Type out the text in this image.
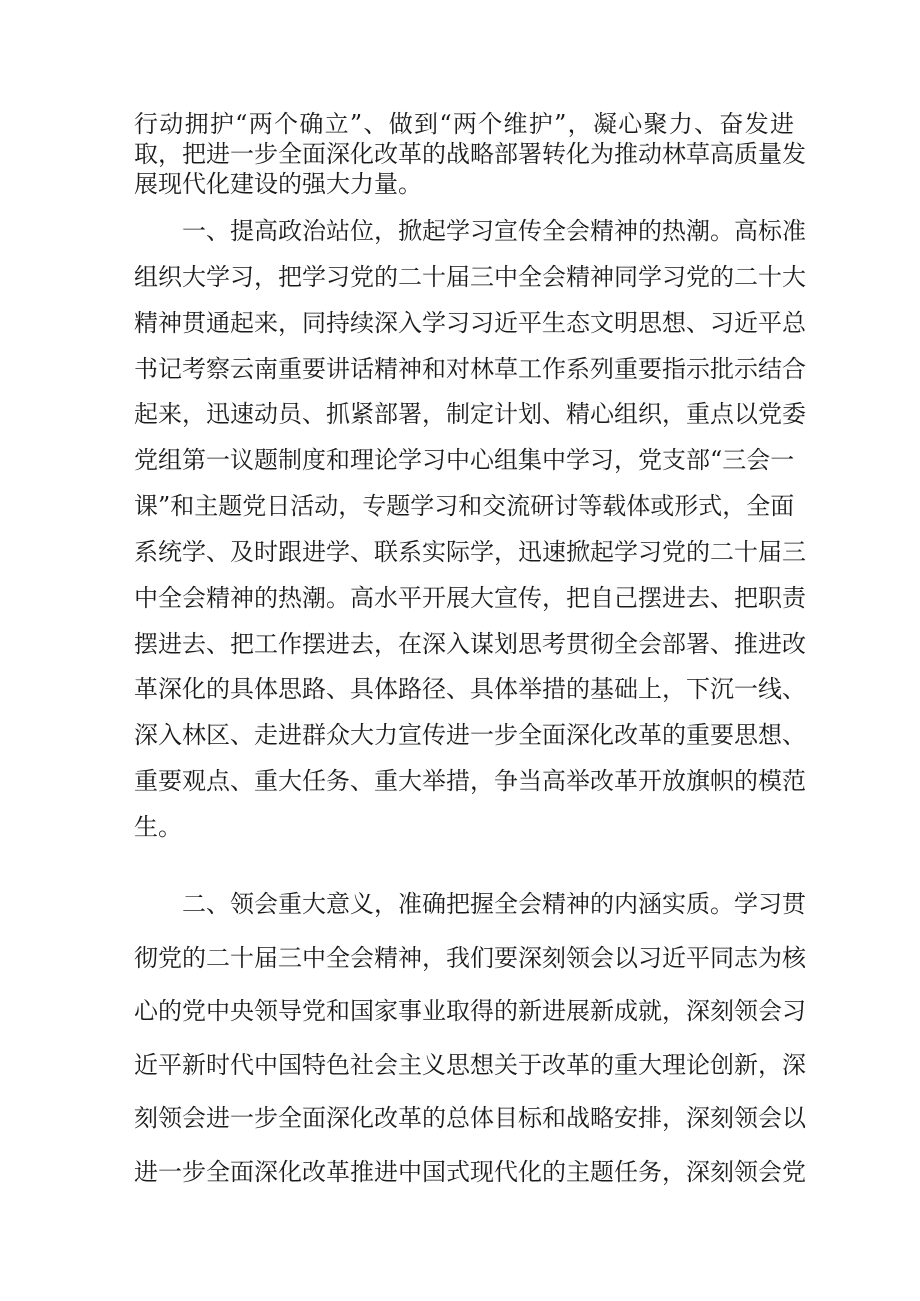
行动拥护“两个确立”、做到“两个维护”，凝心聚力、奋发进
取，把进一步全面深化改革的战略部署转化为推动林草高质量发
展现代化建设的强大力量。
一、提高政治站位，掀起学习宣传全会精神的热潮。高标准
组织大学习，把学习党的二十届三中全会精神同学习党的二十大
精神贯通起来，同持续深入学习习近平生态文明思想、习近平总
书记考察云南重要讲话精神和对林草工作系列重要指示批示结合
起来，迅速动员、抓紧部署，制定计划、精心组织，重点以党委
党组第一议题制度和理论学习中心组集中学习，党支部“三会一
课”和主题党日活动，专题学习和交流研讨等载体或形式，全面
系统学、及时跟进学、联系实际学，迅速掀起学习党的二十届三
中全会精神的热潮。高水平开展大宣传，把自己摆进去、把职责
摆进去、把工作摆进去，在深入谋划思考贯彻全会部署、推进改
革深化的具体思路、具体路径、具体举措的基础上，下沉一线、
深入林区、走进群众大力宣传进一步全面深化改革的重要思想、
重要观点、重大任务、重大举措，争当高举改革开放旗帜的模范
生。
二、领会重大意义，准确把握全会精神的内涵实质。学习贯
彻党的二十届三中全会精神，我们要深刻领会以习近平同志为核
心的党中央领导党和国家事业取得的新进展新成就，深刻领会习
近平新时代中国特色社会主义思想关于改革的重大理论创新，深
刻领会进一步全面深化改革的总体目标和战略安排，深刻领会以
进一步全面深化改革推进中国式现代化的主题任务，深刻领会党
